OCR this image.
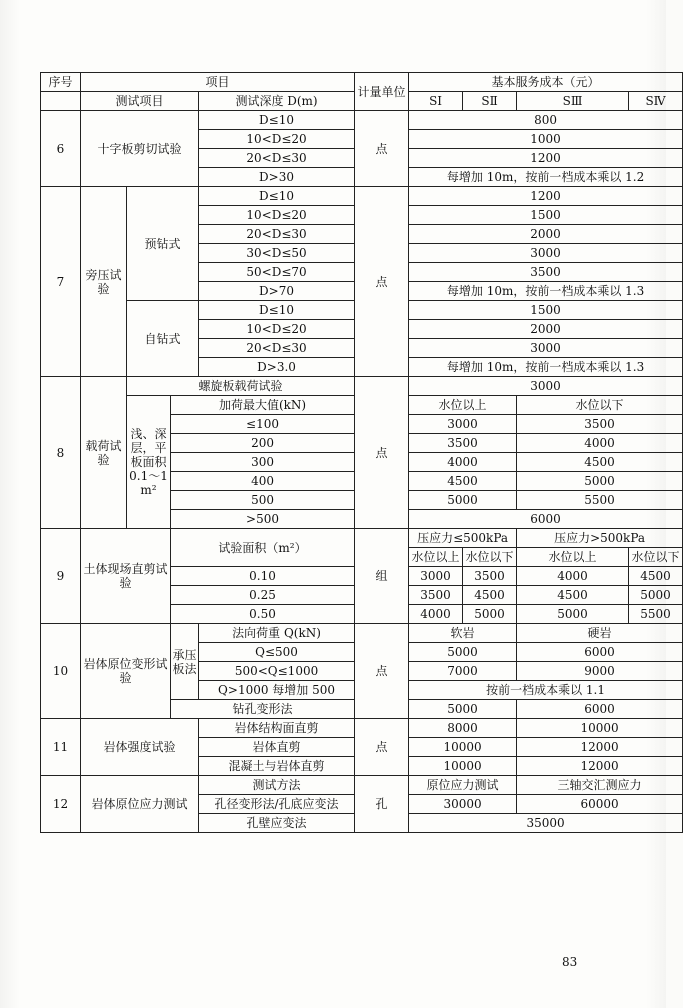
序号	项目				计量单位	基本服务成本（元）			
	测试项目			测试深度 D(m)		SⅠ	SⅡ	SⅢ	SⅣ

6	十字板剪切试验			D≤10	点	800			
				10<D≤20		1000			
				20<D≤30		1200			
				D>30		每增加 10m，按前一档成本乘以 1.2			
7	旁压试验	预钻式		D≤10	点	1200			
				10<D≤20		1500			
				20<D≤30		2000			
				30<D≤50		3000			
				50<D≤70		3500			
				D>70		每增加 10m，按前一档成本乘以 1.3			
		自钻式		D≤10		1500			
				10<D≤20		2000			
				20<D≤30		3000			
				D>3.0		每增加 10m，按前一档成本乘以 1.3			
8	载荷试验	螺旋板载荷试验			点	3000			
		浅、深层，平板面积 0.1～1 m²	加荷最大值(kN)			水位以上		水位以下	
			≤100			3000		3500	
			200			3500		4000	
			300			4000		4500	
			400			4500		5000	
			500			5000		5500	
			>500			6000			
9	土体现场直剪试验		试验面积（m²）		组	压应力≤500kPa		压应力>500kPa	
						水位以上	水位以下	水位以上	水位以下

			0.10			3000	3500	4000	4500
			0.25			3500	4500	4500	5000
			0.50			4000	5000	5000	5500
10	岩体原位变形试验		承压板法	法向荷重 Q(kN)	点	软岩		硬岩	

				Q≤500		5000		6000	
				500<Q≤1000		7000		9000	
				Q>1000 每增加 500		按前一档成本乘以 1.1			

			钻孔变形法			5000		6000	
11	岩体强度试验			岩体结构面直剪	点	8000		10000	
				岩体直剪		10000		12000	
				混凝土与岩体直剪		10000		12000	
12	岩体原位应力测试			测试方法	孔	原位应力测试		三轴交汇测应力	
				孔径变形法/孔底应变法		30000		60000	

				孔壁应变法		35000			
83
